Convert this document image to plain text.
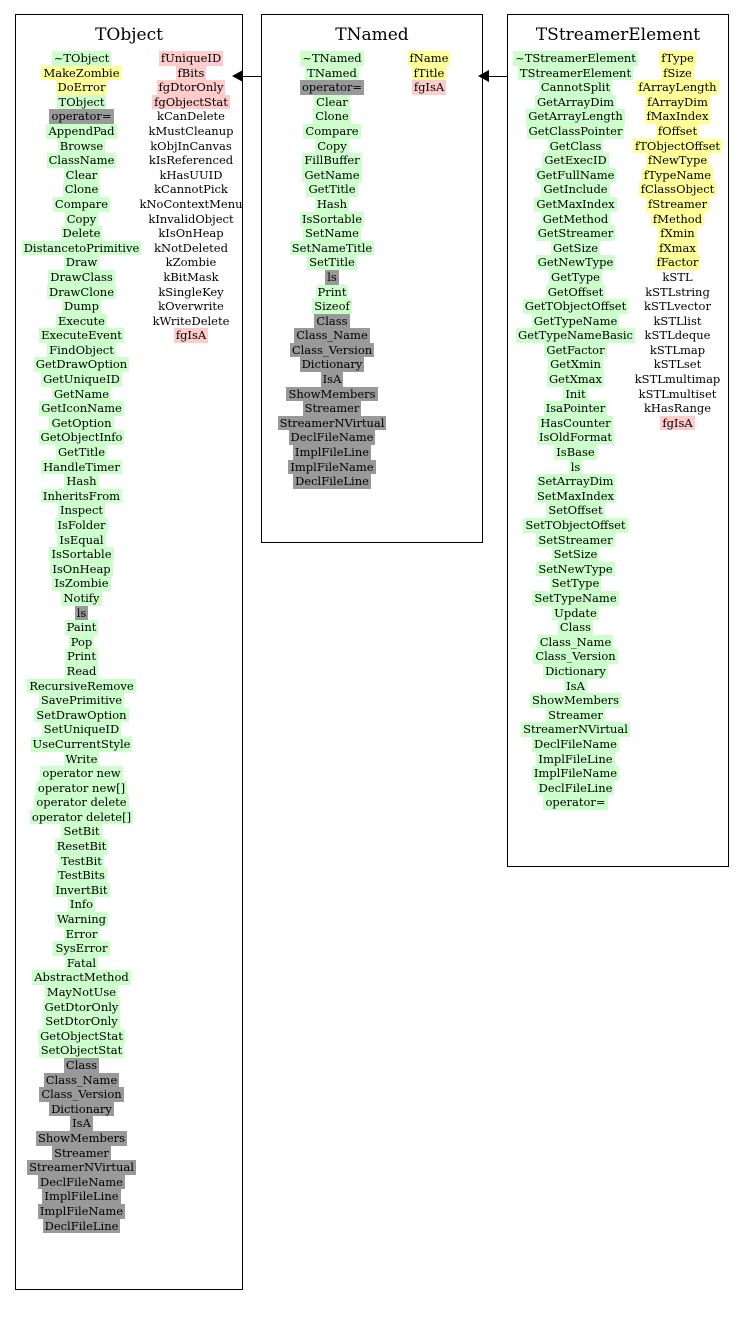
TObject
~TObject
MakeZombie
DoError
TObject
operator=
AppendPad
Browse
ClassName
Clear
Clone
Compare
Copy
Delete
DistancetoPrimitive
Draw
DrawClass
DrawClone
Dump
Execute
ExecuteEvent
FindObject
GetDrawOption
GetUniqueID
GetName
GetIconName
GetOption
GetObjectInfo
GetTitle
HandleTimer
Hash
InheritsFrom
Inspect
IsFolder
IsEqual
IsSortable
IsOnHeap
IsZombie
Notify
ls
Paint
Pop
Print
Read
RecursiveRemove
SavePrimitive
SetDrawOption
SetUniqueID
UseCurrentStyle
Write
operator new
operator new[]
operator delete
operator delete[]
SetBit
ResetBit
TestBit
TestBits
InvertBit
Info
Warning
Error
SysError
Fatal
AbstractMethod
MayNotUse
GetDtorOnly
SetDtorOnly
GetObjectStat
SetObjectStat
Class
Class_Name
Class_Version
Dictionary
IsA
ShowMembers
Streamer
StreamerNVirtual
DeclFileName
ImplFileLine
ImplFileName
DeclFileLine
fUniqueID
fBits
fgDtorOnly
fgObjectStat
kCanDelete
kMustCleanup
kObjInCanvas
kIsReferenced
kHasUUID
kCannotPick
kNoContextMenu
kInvalidObject
kIsOnHeap
kNotDeleted
kZombie
kBitMask
kSingleKey
kOverwrite
kWriteDelete
fgIsA
TNamed
~TNamed
TNamed
operator=
Clear
Clone
Compare
Copy
FillBuffer
GetName
GetTitle
Hash
IsSortable
SetName
SetNameTitle
SetTitle
ls
Print
Sizeof
Class
Class_Name
Class_Version
Dictionary
IsA
ShowMembers
Streamer
StreamerNVirtual
DeclFileName
ImplFileLine
ImplFileName
DeclFileLine
fName
fTitle
fgIsA
TStreamerElement
~TStreamerElement
TStreamerElement
CannotSplit
GetArrayDim
GetArrayLength
GetClassPointer
GetClass
GetExecID
GetFullName
GetInclude
GetMaxIndex
GetMethod
GetStreamer
GetSize
GetNewType
GetType
GetOffset
GetTObjectOffset
GetTypeName
GetTypeNameBasic
GetFactor
GetXmin
GetXmax
Init
IsaPointer
HasCounter
IsOldFormat
IsBase
ls
SetArrayDim
SetMaxIndex
SetOffset
SetTObjectOffset
SetStreamer
SetSize
SetNewType
SetType
SetTypeName
Update
Class
Class_Name
Class_Version
Dictionary
IsA
ShowMembers
Streamer
StreamerNVirtual
DeclFileName
ImplFileLine
ImplFileName
DeclFileLine
operator=
fType
fSize
fArrayLength
fArrayDim
fMaxIndex
fOffset
fTObjectOffset
fNewType
fTypeName
fClassObject
fStreamer
fMethod
fXmin
fXmax
fFactor
kSTL
kSTLstring
kSTLvector
kSTLlist
kSTLdeque
kSTLmap
kSTLset
kSTLmultimap
kSTLmultiset
kHasRange
fgIsA
